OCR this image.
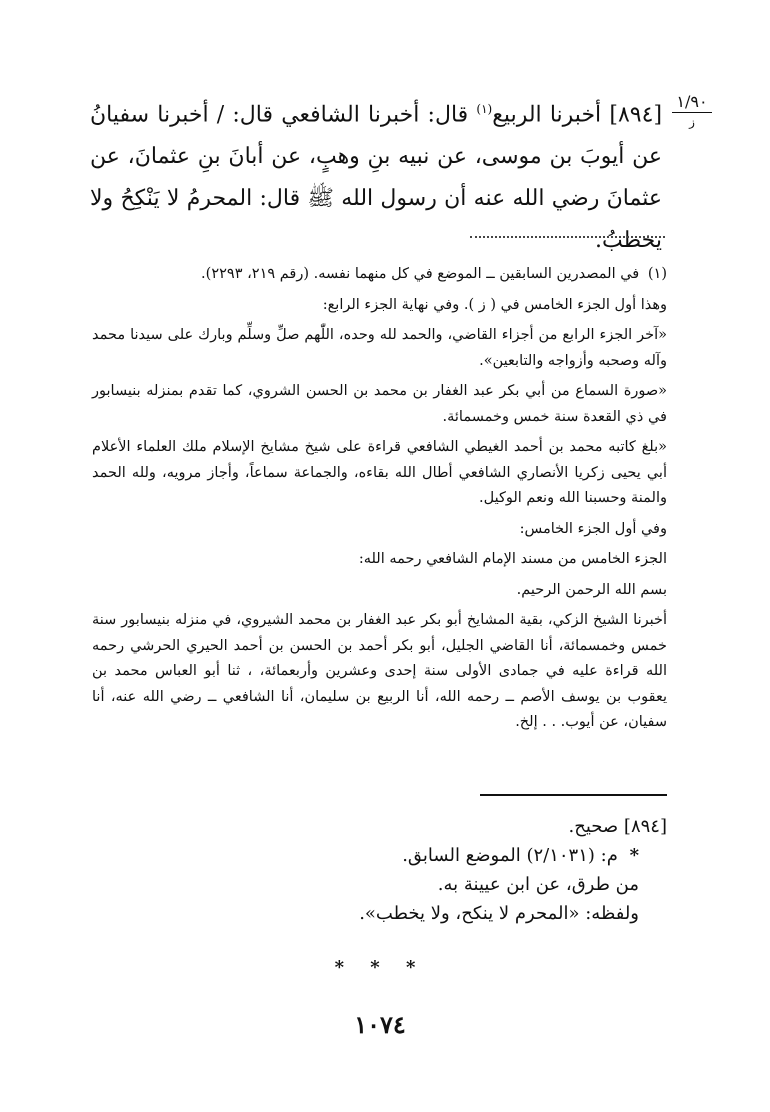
١/٩٠
ز
[٨٩٤] أخبرنا الربيع$^{(١)}$ قال: أخبرنا الشافعي قال: / أخبرنا سفيانُ عن أيوبَ بن موسى، عن نبيه بنِ وهبٍ، عن أبانَ بنِ عثمانَ، عن عثمانَ رضي الله عنه أن رسول الله ﷺ قال: المحرمُ لا يَنْكِحُ ولا يخطبُ.

(١) في المصدرين السابقين ــ الموضع في كل منهما نفسه. (رقم ٢١٩، ٢٢٩٣).

وهذا أول الجزء الخامس في ( ز ). وفي نهاية الجزء الرابع:

«آخر الجزء الرابع من أجزاء القاضي، والحمد لله وحده، اللّٰهم صلِّ وسلِّم وبارك على سيدنا محمد وآله وصحبه وأزواجه والتابعين».

«صورة السماع من أبي بكر عبد الغفار بن محمد بن الحسن الشروي، كما تقدم بمنزله بنيسابور في ذي القعدة سنة خمس وخمسمائة.

«بلغ كاتبه محمد بن أحمد الغيطي الشافعي قراءة على شيخ مشايخ الإسلام ملك العلماء الأعلام أبي يحيى زكريا الأنصاري الشافعي أطال الله بقاءه، والجماعة سماعاً، وأجاز مرويه، ولله الحمد والمنة وحسبنا الله ونعم الوكيل.

وفي أول الجزء الخامس:

الجزء الخامس من مسند الإمام الشافعي رحمه الله:

بسم الله الرحمن الرحيم.

أخبرنا الشيخ الزكي، بقية المشايخ أبو بكر عبد الغفار بن محمد الشيروي، في منزله بنيسابور سنة خمس وخمسمائة، أنا القاضي الجليل، أبو بكر أحمد بن الحسن بن أحمد الحيري الحرشي رحمه الله قراءة عليه في جمادى الأولى سنة إحدى وعشرين وأربعمائة، ، ثنا أبو العباس محمد بن يعقوب بن يوسف الأصم ــ رحمه الله، أنا الربيع بن سليمان، أنا الشافعي ــ رضي الله عنه، أنا سفيان، عن أيوب. . . إلخ.

[٨٩٤] صحيح.

* م: (٢/١٠٣١) الموضع السابق.

من طرق، عن ابن عيينة به.

ولفظه: «المحرم لا ينكح، ولا يخطب».

* * *
١٠٧٤
